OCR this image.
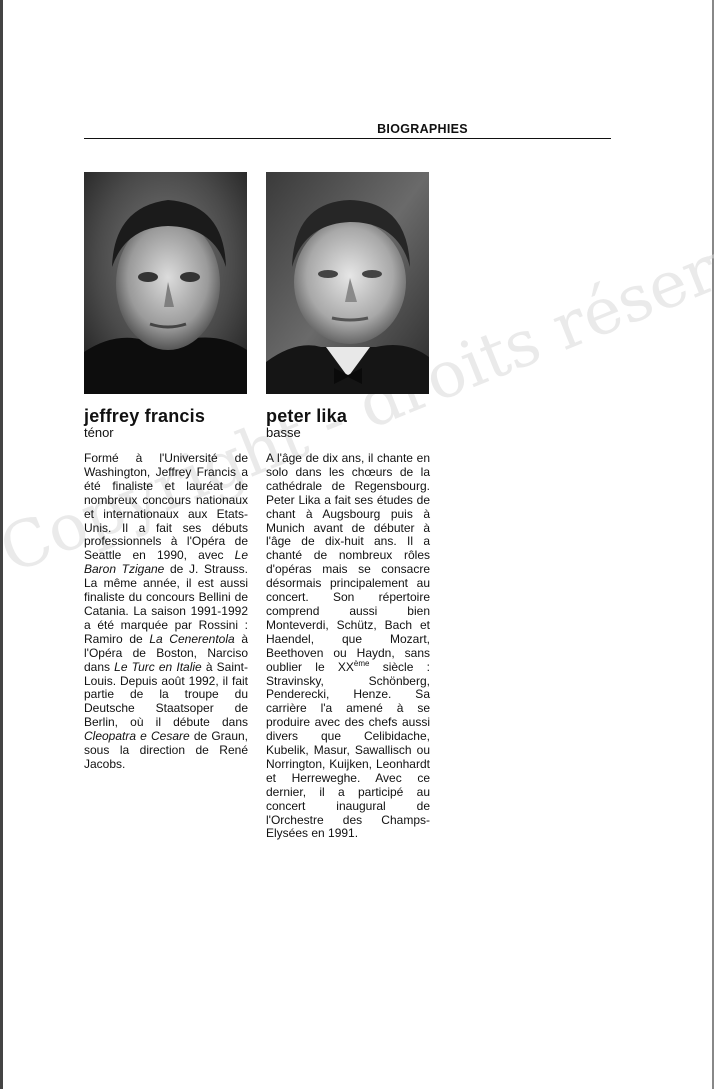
Copyright - droits réservés
BIOGRAPHIES
jeffrey francis
ténor
Formé à l'Université de Washington, Jeffrey Francis a été finaliste et lauréat de nombreux concours nationaux et internationaux aux Etats-Unis. Il a fait ses débuts professionnels à l'Opéra de Seattle en 1990, avec Le Baron Tzigane de J. Strauss. La même année, il est aussi finaliste du concours Bellini de Catania. La saison 1991-1992 a été marquée par Rossini : Ramiro de La Cenerentola à l'Opéra de Boston, Narciso dans Le Turc en Italie à Saint-Louis. Depuis août 1992, il fait partie de la troupe du Deutsche Staatsoper de Berlin, où il débute dans Cleopatra e Cesare de Graun, sous la direction de René Jacobs.
peter lika
basse
A l'âge de dix ans, il chante en solo dans les chœurs de la cathédrale de Regensbourg. Peter Lika a fait ses études de chant à Augsbourg puis à Munich avant de débuter à l'âge de dix-huit ans. Il a chanté de nombreux rôles d'opéras mais se consacre désormais principalement au concert. Son répertoire comprend aussi bien Monteverdi, Schütz, Bach et Haendel, que Mozart, Beethoven ou Haydn, sans oublier le XXème siècle : Stravinsky, Schönberg, Penderecki, Henze. Sa carrière l'a amené à se produire avec des chefs aussi divers que Celibidache, Kubelik, Masur, Sawallisch ou Norrington, Kuijken, Leonhardt et Herreweghe. Avec ce dernier, il a participé au concert inaugural de l'Orchestre des Champs-Elysées en 1991.
